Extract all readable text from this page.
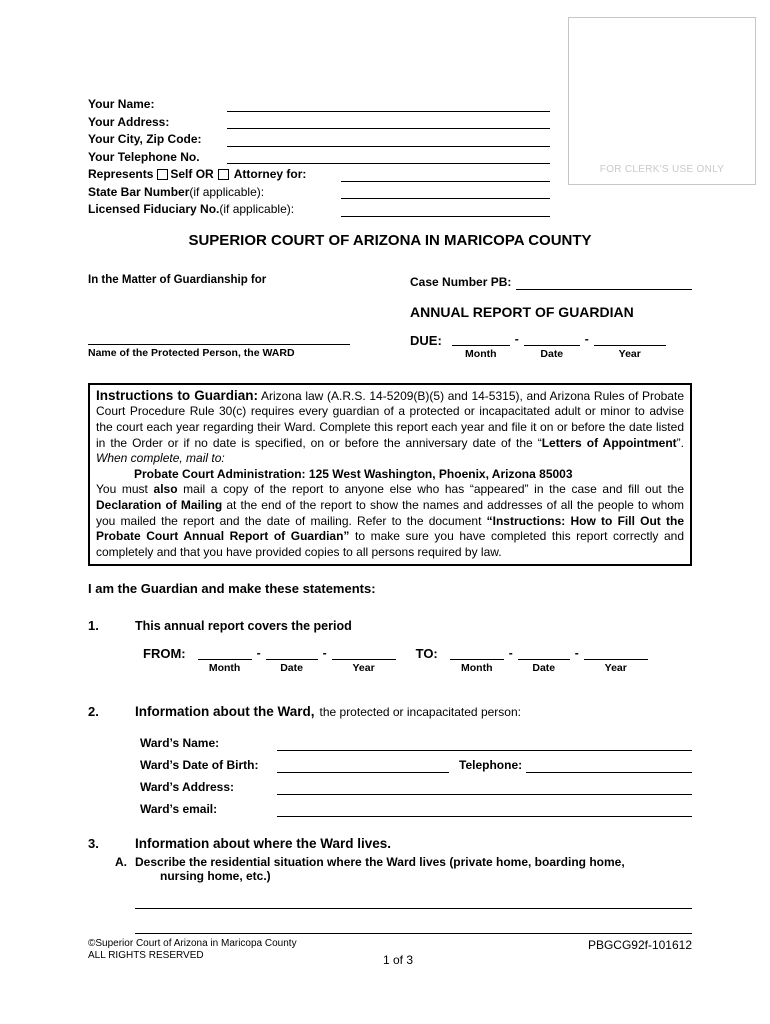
FOR CLERK'S USE ONLY
Your Name:
Your Address:
Your City, Zip Code:
Your Telephone No.
Represents Self OR Attorney for:
State Bar Number (if applicable):
Licensed Fiduciary No. (if applicable):
SUPERIOR COURT OF ARIZONA IN MARICOPA COUNTY
In the Matter of Guardianship for
Name of the Protected Person, the WARD
Case Number PB:
ANNUAL REPORT OF GUARDIAN
DUE:
Month
-
Date
-
Year

Instructions to Guardian: Arizona law (A.R.S. 14-5209(B)(5) and 14-5315), and Arizona Rules of Probate Court Procedure Rule 30(c) requires every guardian of a protected or incapacitated adult or minor to advise the court each year regarding their Ward. Complete this report each year and file it on or before the date listed in the Order or if no date is specified, on or before the anniversary date of the “Letters of Appointment”. When complete, mail to:

Probate Court Administration: 125 West Washington, Phoenix, Arizona 85003

You must also mail a copy of the report to anyone else who has “appeared” in the case and fill out the Declaration of Mailing at the end of the report to show the names and addresses of all the people to whom you mailed the report and the date of mailing. Refer to the document “Instructions: How to Fill Out the Probate Court Annual Report of Guardian” to make sure you have completed this report correctly and completely and that you have provided copies to all persons required by law.

I am the Guardian and make these statements:
1.	This annual report covers the period
FROM:
Month
-
Date
-
Year
TO:
Month
-
Date
-
Year
2.	Information about the Ward, the protected or incapacitated person:
Ward’s Name:
Ward’s Date of Birth:	Telephone:
Ward’s Address:
Ward’s email:
3.	Information about where the Ward lives.
A. Describe the residential situation where the Ward lives (private home, boarding home,
nursing home, etc.)
©Superior Court of Arizona in Maricopa County
ALL RIGHTS RESERVED	1 of 3
PBGCG92f-101612
